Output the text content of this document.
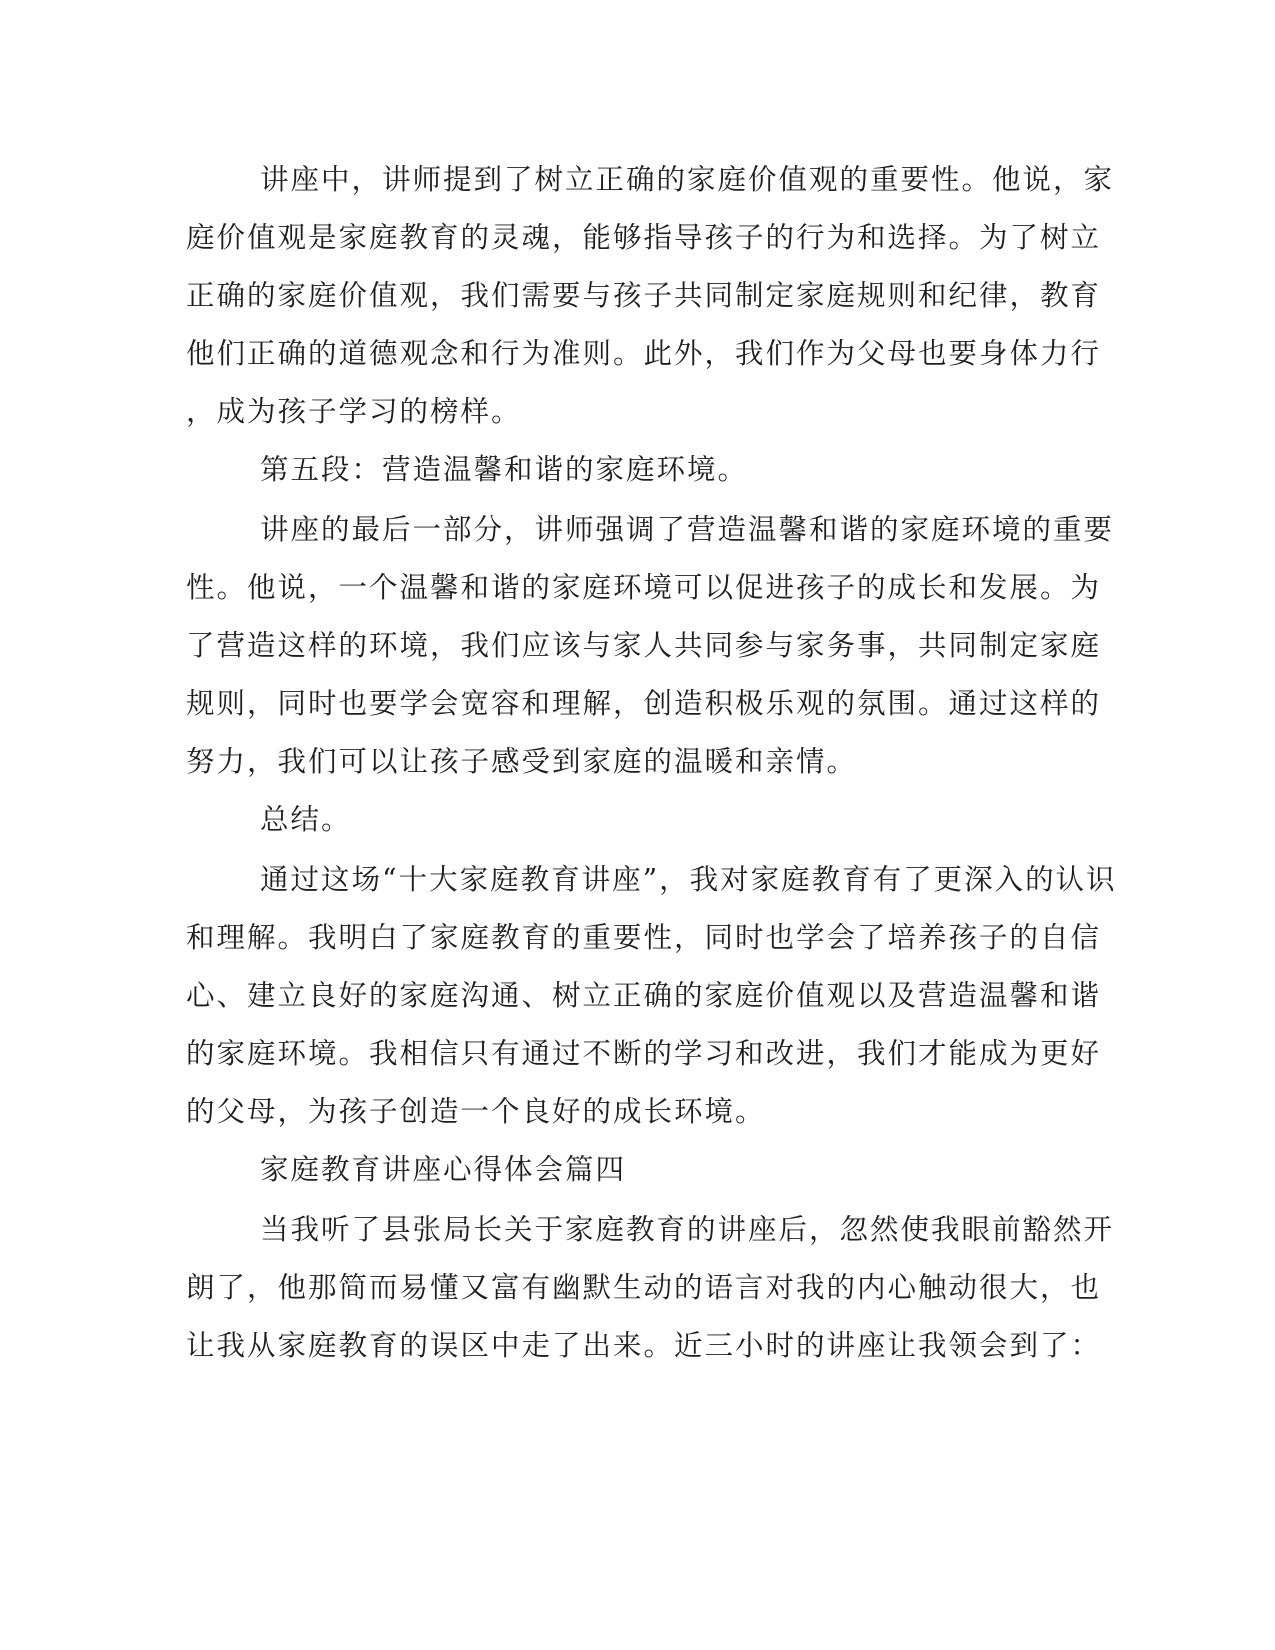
讲座中，讲师提到了树立正确的家庭价值观的重要性。他说，家
庭价值观是家庭教育的灵魂，能够指导孩子的行为和选择。为了树立
正确的家庭价值观，我们需要与孩子共同制定家庭规则和纪律，教育
他们正确的道德观念和行为准则。此外，我们作为父母也要身体力行
，成为孩子学习的榜样。
第五段：营造温馨和谐的家庭环境。
讲座的最后一部分，讲师强调了营造温馨和谐的家庭环境的重要
性。他说，一个温馨和谐的家庭环境可以促进孩子的成长和发展。为
了营造这样的环境，我们应该与家人共同参与家务事，共同制定家庭
规则，同时也要学会宽容和理解，创造积极乐观的氛围。通过这样的
努力，我们可以让孩子感受到家庭的温暖和亲情。
总结。
通过这场“十大家庭教育讲座”，我对家庭教育有了更深入的认识
和理解。我明白了家庭教育的重要性，同时也学会了培养孩子的自信
心、建立良好的家庭沟通、树立正确的家庭价值观以及营造温馨和谐
的家庭环境。我相信只有通过不断的学习和改进，我们才能成为更好
的父母，为孩子创造一个良好的成长环境。
家庭教育讲座心得体会篇四
当我听了县张局长关于家庭教育的讲座后，忽然使我眼前豁然开
朗了，他那简而易懂又富有幽默生动的语言对我的内心触动很大，也
让我从家庭教育的误区中走了出来。近三小时的讲座让我领会到了：
